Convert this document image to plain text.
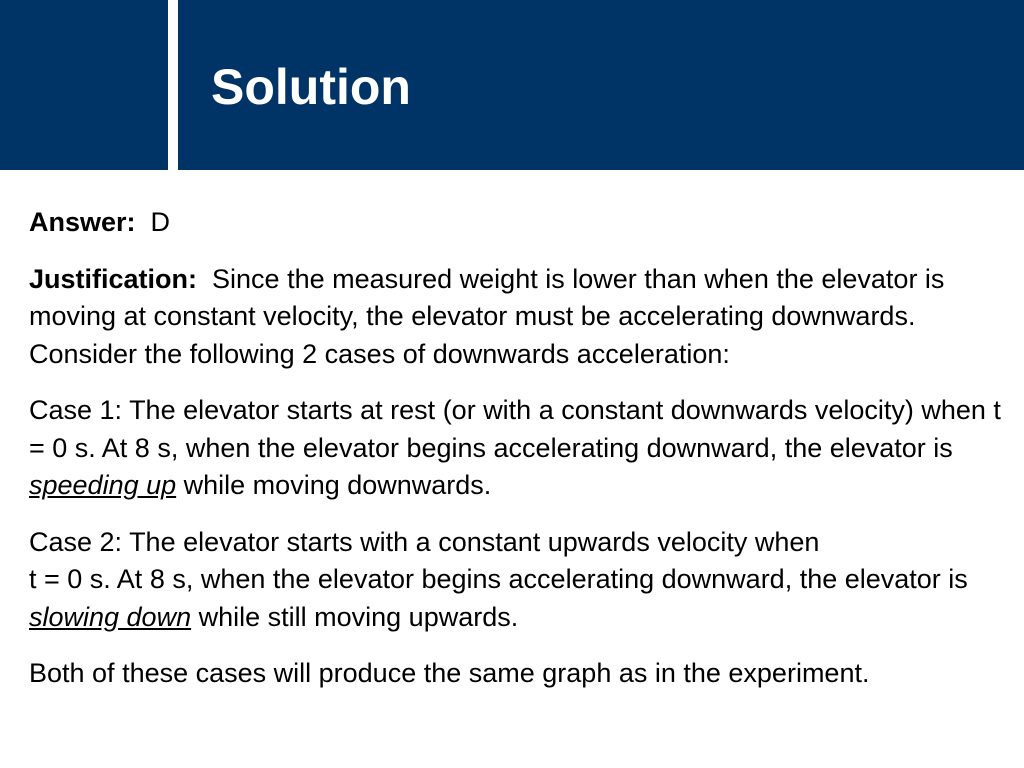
Solution

Answer: D

Justification: Since the measured weight is lower than when the elevator is moving at constant velocity, the elevator must be accelerating downwards. Consider the following 2 cases of downwards acceleration:

Case 1: The elevator starts at rest (or with a constant downwards velocity) when t = 0 s. At 8 s, when the elevator begins accelerating downward, the elevator is speeding up while moving downwards.

Case 2: The elevator starts with a constant upwards velocity when
t = 0 s. At 8 s, when the elevator begins accelerating downward, the elevator is slowing down while still moving upwards.

Both of these cases will produce the same graph as in the experiment.
